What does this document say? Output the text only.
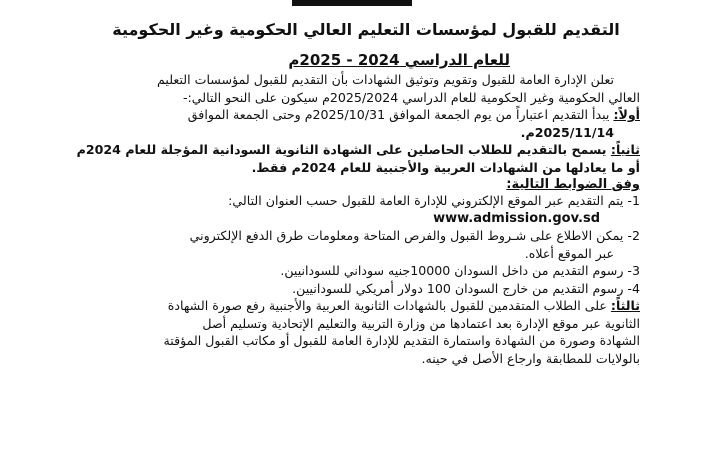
التقديم للقبول لمؤسسات التعليم العالي الحكومية وغير الحكومية
للعام الدراسي 2024 - 2025م
تعلن الإدارة العامة للقبول وتقويم وتوثيق الشهادات بأن التقديم للقبول لمؤسسات التعليم
العالي الحكومية وغير الحكومية للعام الدراسي 2025/2024م سيكون على النحو التالي:-
أولاً: يبدأ التقديم اعتباراً من يوم الجمعة الموافق 2025/10/31م وحتى الجمعة الموافق
2025/11/14م.
ثانياً: يسمح بالتقديم للطلاب الحاصلين على الشهادة الثانوية السودانية المؤجلة للعام 2024م
أو ما يعادلها من الشهادات العربية والأجنبية للعام 2024م فقط.
وفق الضوابط التالية:
1- يتم التقديم عبر الموقع الإلكتروني للإدارة العامة للقبول حسب العنوان التالي:
www.admission.gov.sd
2- يمكن الاطلاع على شـروط القبول والفرص المتاحة ومعلومات طرق الدفع الإلكتروني
عبر الموقع أعلاه.
3- رسوم التقديم من داخل السودان 10000جنيه سوداني للسودانيين.
4- رسوم التقديم من خارج السودان 100 دولار أمريكي للسودانيين.
ثالثاً: على الطلاب المتقدمين للقبول بالشهادات الثانوية العربية والأجنبية رفع صورة الشهادة
الثانوية عبر موقع الإدارة بعد اعتمادها من وزارة التربية والتعليم الإتحادية وتسليم أصل
الشهادة وصورة من الشهادة واستمارة التقديم للإدارة العامة للقبول أو مكاتب القبول المؤقتة
بالولايات للمطابقة وارجاع الأصل في حينه.
